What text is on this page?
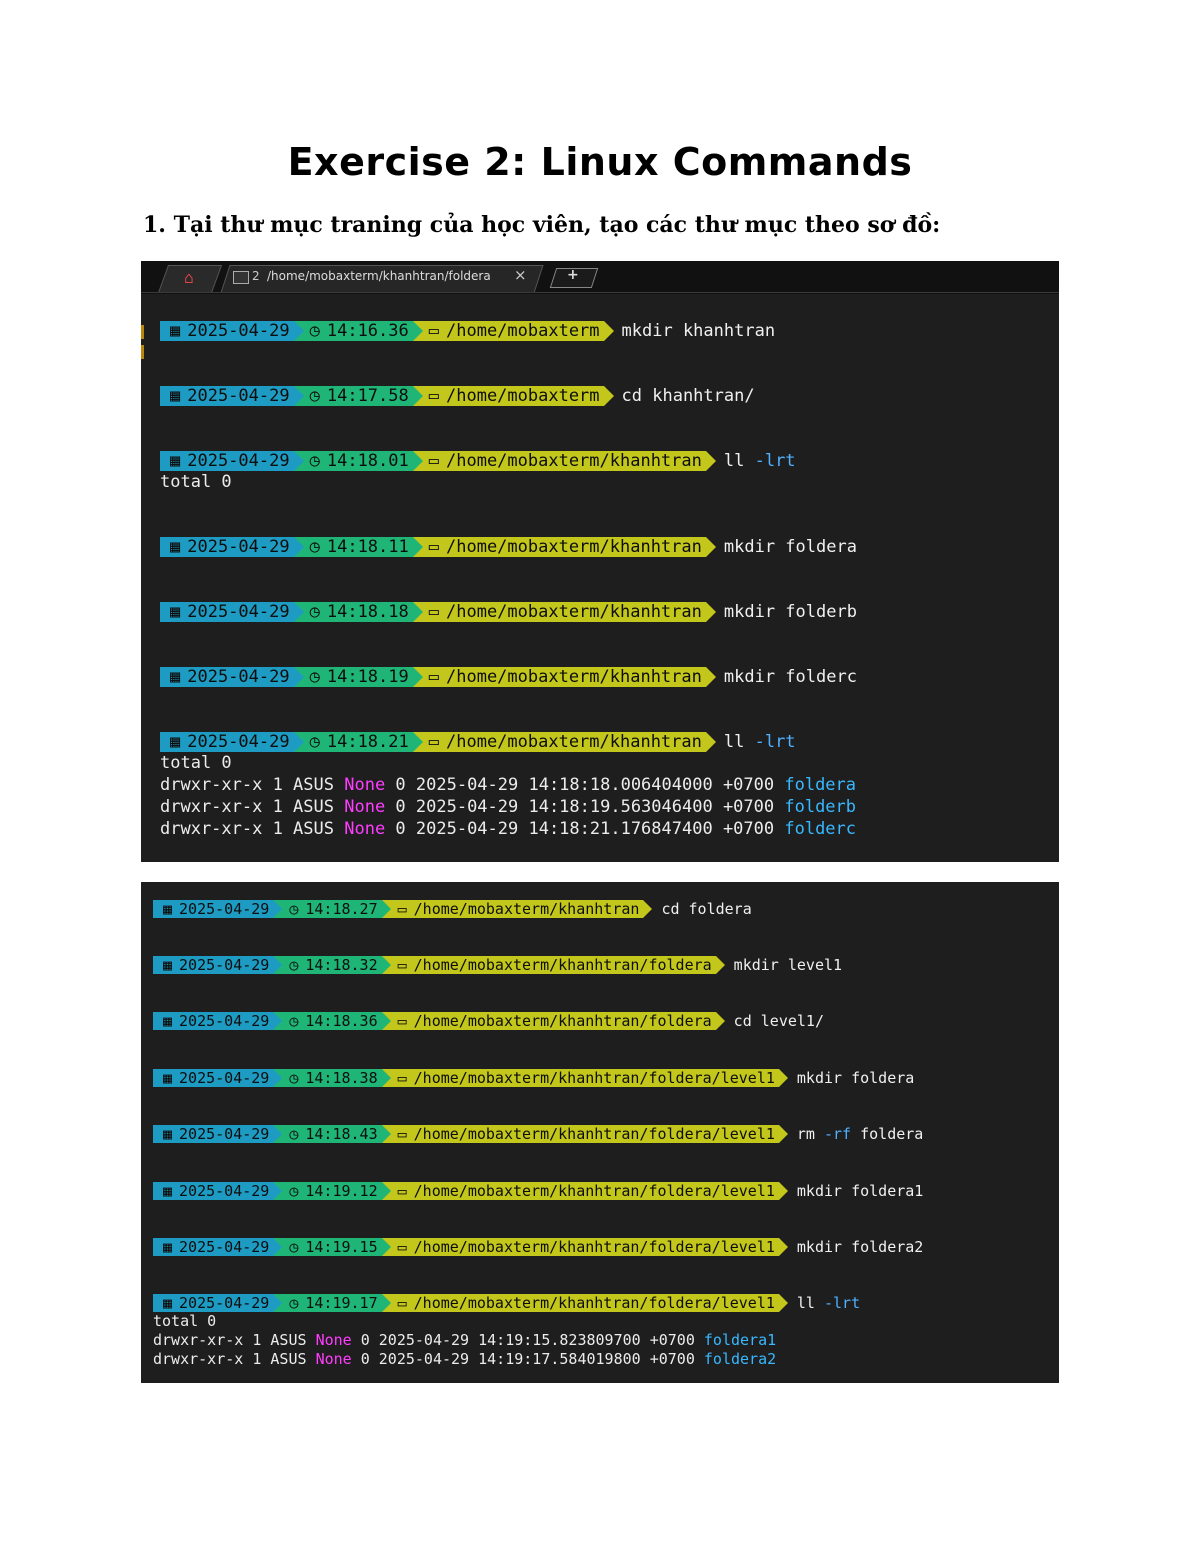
Exercise 2: Linux Commands
1. Tại thư mục traning của học viên, tạo các thư mục theo sơ đồ:
⌂	2 /home/mobaxterm/khanhtran/foldera	×	+
▦ 2025-04-29 ◷ 14:16.36 ▭ /home/mobaxterm	mkdir khanhtran
▦ 2025-04-29 ◷ 14:17.58 ▭ /home/mobaxterm	cd khanhtran/
▦ 2025-04-29 ◷ 14:18.01 ▭ /home/mobaxterm/khanhtran	ll -lrt
▦ 2025-04-29 ◷ 14:18.11 ▭ /home/mobaxterm/khanhtran	mkdir foldera
▦ 2025-04-29 ◷ 14:18.18 ▭ /home/mobaxterm/khanhtran	mkdir folderb
▦ 2025-04-29 ◷ 14:18.19 ▭ /home/mobaxterm/khanhtran	mkdir folderc
▦ 2025-04-29 ◷ 14:18.21 ▭ /home/mobaxterm/khanhtran	ll -lrt
total 0
total 0
drwxr-xr-x 1 ASUS None 0 2025-04-29 14:18:18.006404000 +0700 foldera
drwxr-xr-x 1 ASUS None 0 2025-04-29 14:18:19.563046400 +0700 folderb
drwxr-xr-x 1 ASUS None 0 2025-04-29 14:18:21.176847400 +0700 folderc
▦ 2025-04-29 ◷ 14:18.27 ▭ /home/mobaxterm/khanhtran	cd foldera
▦ 2025-04-29 ◷ 14:18.32 ▭ /home/mobaxterm/khanhtran/foldera	mkdir level1
▦ 2025-04-29 ◷ 14:18.36 ▭ /home/mobaxterm/khanhtran/foldera	cd level1/
▦ 2025-04-29 ◷ 14:18.38 ▭ /home/mobaxterm/khanhtran/foldera/level1	mkdir foldera
▦ 2025-04-29 ◷ 14:18.43 ▭ /home/mobaxterm/khanhtran/foldera/level1	rm -rf foldera
▦ 2025-04-29 ◷ 14:19.12 ▭ /home/mobaxterm/khanhtran/foldera/level1	mkdir foldera1
▦ 2025-04-29 ◷ 14:19.15 ▭ /home/mobaxterm/khanhtran/foldera/level1	mkdir foldera2
▦ 2025-04-29 ◷ 14:19.17 ▭ /home/mobaxterm/khanhtran/foldera/level1	ll -lrt
total 0
drwxr-xr-x 1 ASUS None 0 2025-04-29 14:19:15.823809700 +0700 foldera1
drwxr-xr-x 1 ASUS None 0 2025-04-29 14:19:17.584019800 +0700 foldera2
